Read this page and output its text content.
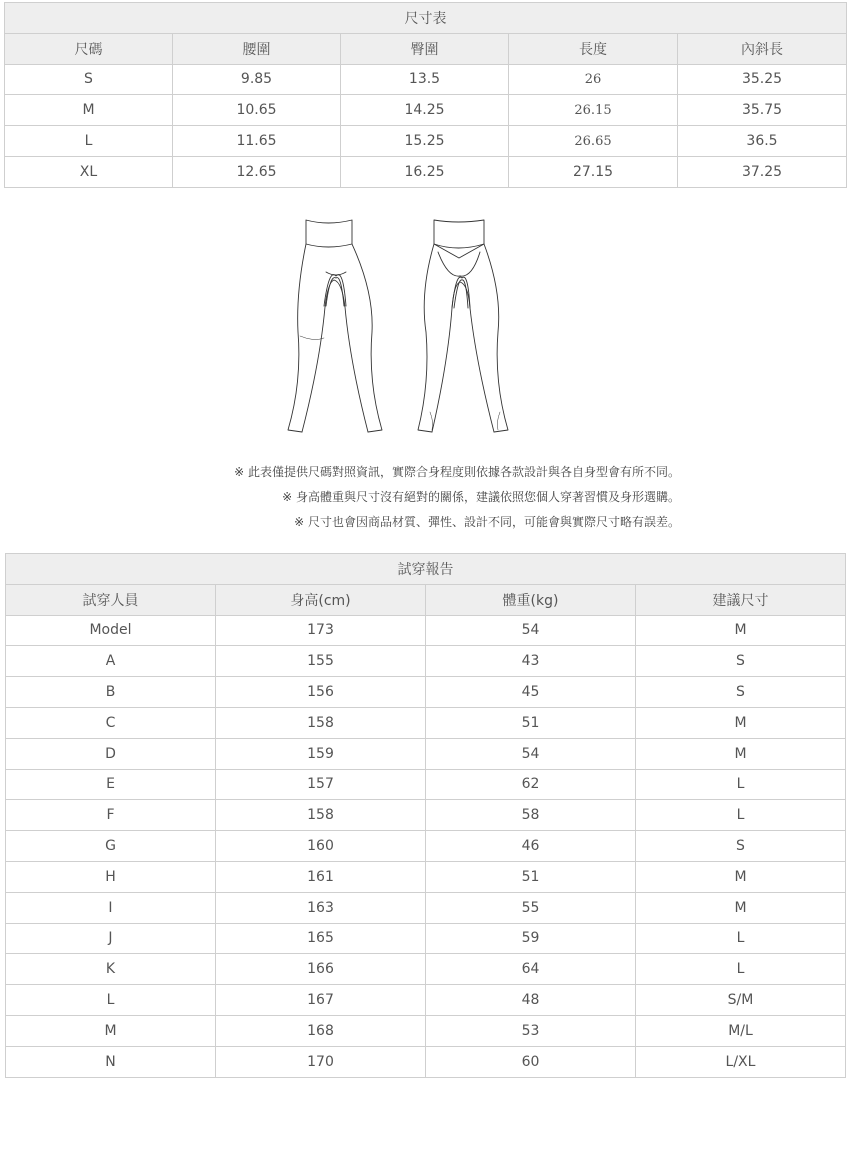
尺寸表				
尺碼	腰圍	臀圍	長度	內斜長
S	9.85	13.5	26	35.25
M	10.65	14.25	26.15	35.75
L	11.65	15.25	26.65	36.5
XL	12.65	16.25	27.15	37.25
※ 此表僅提供尺碼對照資訊，實際合身程度則依據各款設計與各自身型會有所不同。
※ 身高體重與尺寸沒有絕對的關係，建議依照您個人穿著習慣及身形選購。
※ 尺寸也會因商品材質、彈性、設計不同，可能會與實際尺寸略有誤差。
試穿報告			
試穿人員	身高(cm)	體重(kg)	建議尺寸
Model	173	54	M
A	155	43	S
B	156	45	S
C	158	51	M
D	159	54	M
E	157	62	L
F	158	58	L
G	160	46	S
H	161	51	M
I	163	55	M
J	165	59	L
K	166	64	L
L	167	48	S/M
M	168	53	M/L
N	170	60	L/XL
